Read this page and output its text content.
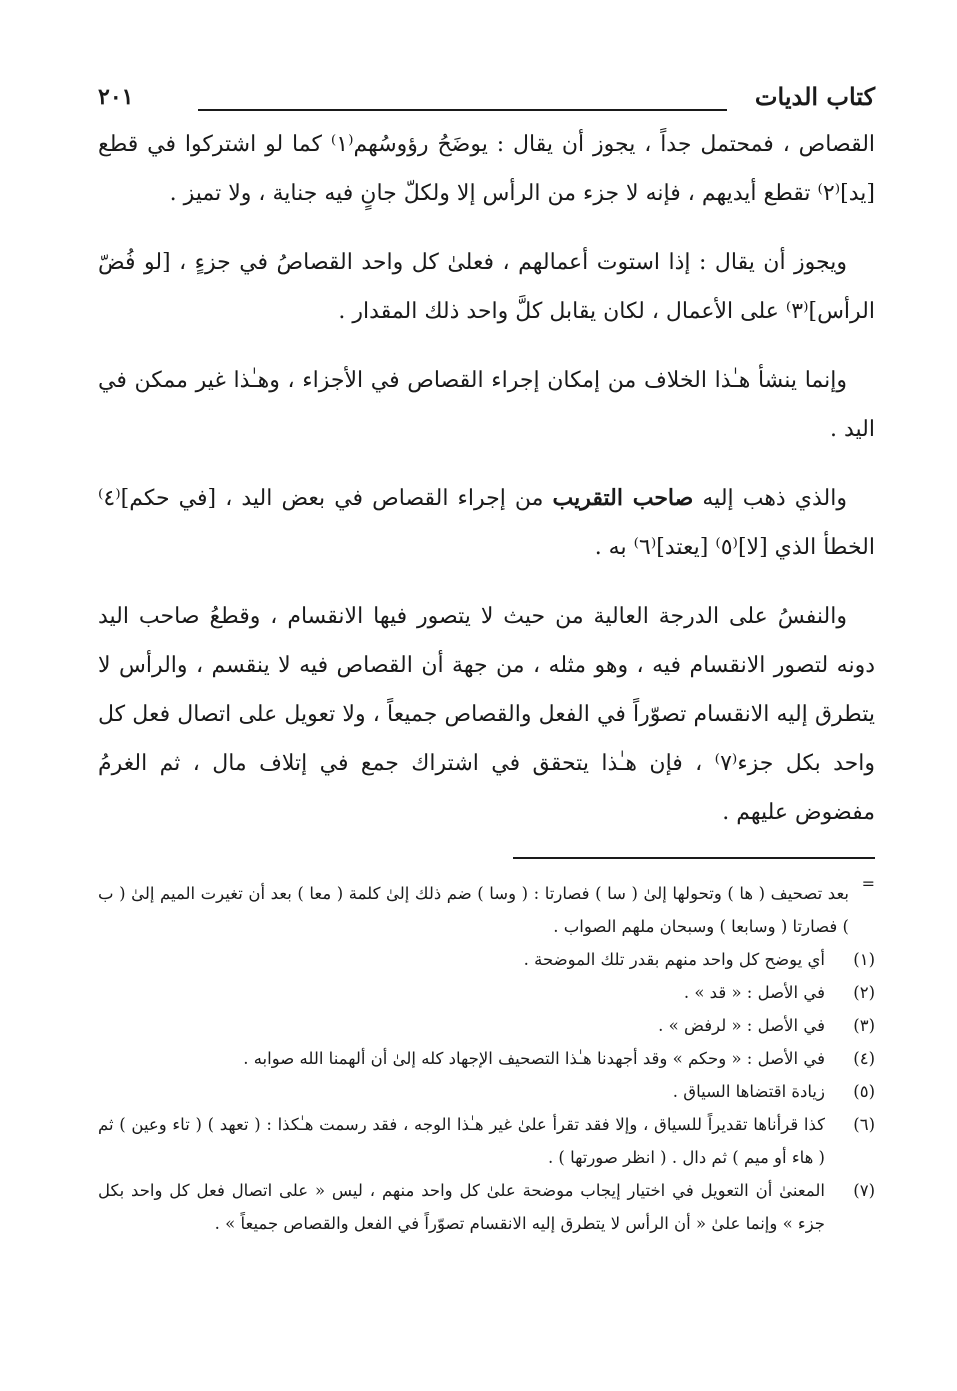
كتاب الديات
٢٠١

القصاص ، فمحتمل جداً ، يجوز أن يقال : يوضَحُ رؤوسُهم⁽١⁾ كما لو اشتركوا في قطع [يد]⁽٢⁾ تقطع أيديهم ، فإنه لا جزء من الرأس إلا ولكلّ جانٍ فيه جناية ، ولا تميز .

ويجوز أن يقال : إذا استوت أعمالهم ، فعلىٰ كل واحد القصاصُ في جزءٍ ، [لو فُضّ الرأس]⁽٣⁾ على الأعمال ، لكان يقابل كلَّ واحد ذلك المقدار .

وإنما ينشأ هـٰذا الخلاف من إمكان إجراء القصاص في الأجزاء ، وهـٰذا غير ممكن في اليد .

والذي ذهب إليه صاحب التقريب من إجراء القصاص في بعض اليد ، [في حكم]⁽٤⁾ الخطأ الذي [لا]⁽٥⁾ [يعتد]⁽٦⁾ به .

والنفسُ على الدرجة العالية من حيث لا يتصور فيها الانقسام ، وقطعُ صاحب اليد دونه لتصور الانقسام فيه ، وهو مثله ، من جهة أن القصاص فيه لا ينقسم ، والرأس لا يتطرق إليه الانقسام تصوّراً في الفعل والقصاص جميعاً ، ولا تعويل على اتصال فعل كل واحد بكل جزء⁽٧⁾ ، فإن هـٰذا يتحقق في اشتراك جمع في إتلاف مال ، ثم الغرمُ مفضوض عليهم .

=
بعد تصحيف ( ها ) وتحولها إلىٰ ( سا ) فصارتا : ( وسا ) ضم ذلك إلىٰ كلمة ( معا ) بعد أن تغيرت الميم إلىٰ ( ب ) فصارتا ( وسابعا ) وسبحان ملهم الصواب .
(١)
أي يوضح كل واحد منهم بقدر تلك الموضحة .
(٢)
في الأصل : « قد » .
(٣)
في الأصل : « لرفض » .
(٤)
في الأصل : « وحكم » وقد أجهدنا هـٰذا التصحيف الإجهاد كله إلىٰ أن ألهمنا الله صوابه .
(٥)
زيادة اقتضاها السياق .
(٦)
كذا قرأناها تقديراً للسياق ، وإلا فقد تقرأ علىٰ غير هـٰذا الوجه ، فقد رسمت هـٰكذا : ( تعهد ) ( تاء وعين ) ثم ( هاء أو ميم ) ثم دال . ( انظر صورتها ) .
(٧)
المعنىٰ أن التعويل في اختيار إيجاب موضحة علىٰ كل واحد منهم ، ليس « على اتصال فعل كل واحد بكل جزء » وإنما علىٰ « أن الرأس لا يتطرق إليه الانقسام تصوّراً في الفعل والقصاص جميعاً » .
